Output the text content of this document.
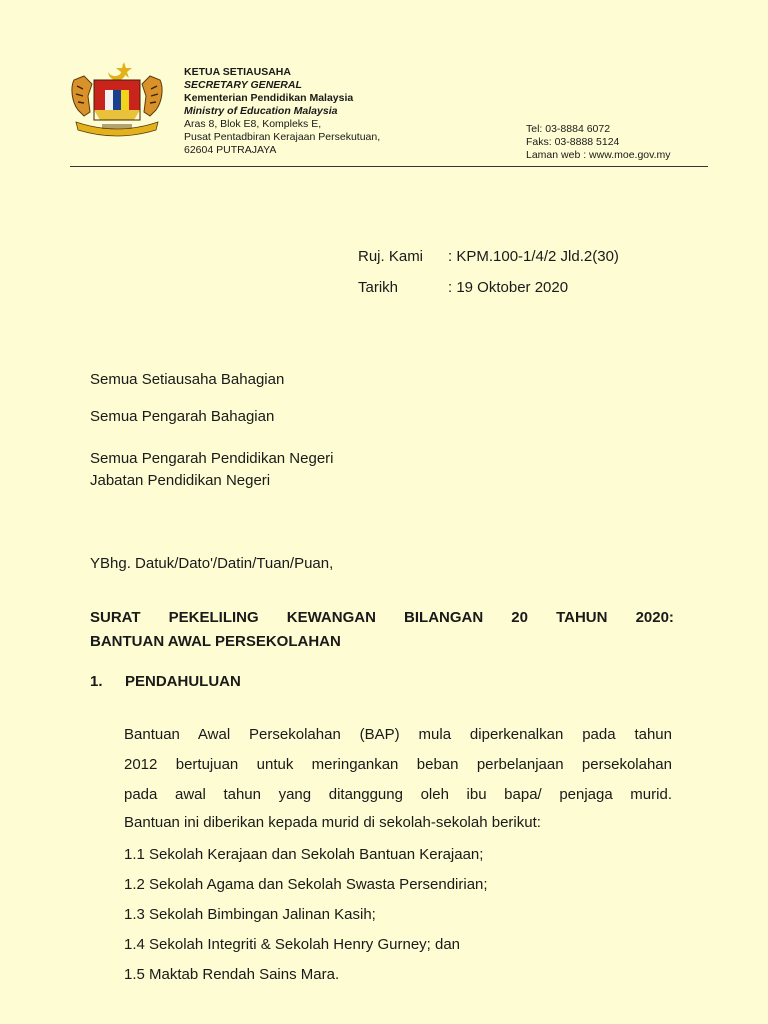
KETUA SETIAUSAHA
SECRETARY GENERAL
Kementerian Pendidikan Malaysia
Ministry of Education Malaysia
Aras 8, Blok E8, Kompleks E,
Pusat Pentadbiran Kerajaan Persekutuan,
62604 PUTRAJAYA
Tel: 03-8884 6072
Faks: 03-8888 5124
Laman web : www.moe.gov.my
Ruj. Kami : KPM.100-1/4/2 Jld.2(30)
Tarikh	: 19 Oktober 2020
Semua Setiausaha Bahagian
Semua Pengarah Bahagian
Semua Pengarah Pendidikan Negeri
Jabatan Pendidikan Negeri
YBhg. Datuk/Dato'/Datin/Tuan/Puan,
SURAT PEKELILING KEWANGAN BILANGAN 20 TAHUN 2020:
BANTUAN AWAL PERSEKOLAHAN
1. PENDAHULUAN
Bantuan Awal Persekolahan (BAP) mula diperkenalkan pada tahun
2012 bertujuan untuk meringankan beban perbelanjaan persekolahan
pada awal tahun yang ditanggung oleh ibu bapa/ penjaga murid.
Bantuan ini diberikan kepada murid di sekolah-sekolah berikut:
1.1 Sekolah Kerajaan dan Sekolah Bantuan Kerajaan;
1.2 Sekolah Agama dan Sekolah Swasta Persendirian;
1.3 Sekolah Bimbingan Jalinan Kasih;
1.4 Sekolah Integriti & Sekolah Henry Gurney; dan
1.5 Maktab Rendah Sains Mara.
